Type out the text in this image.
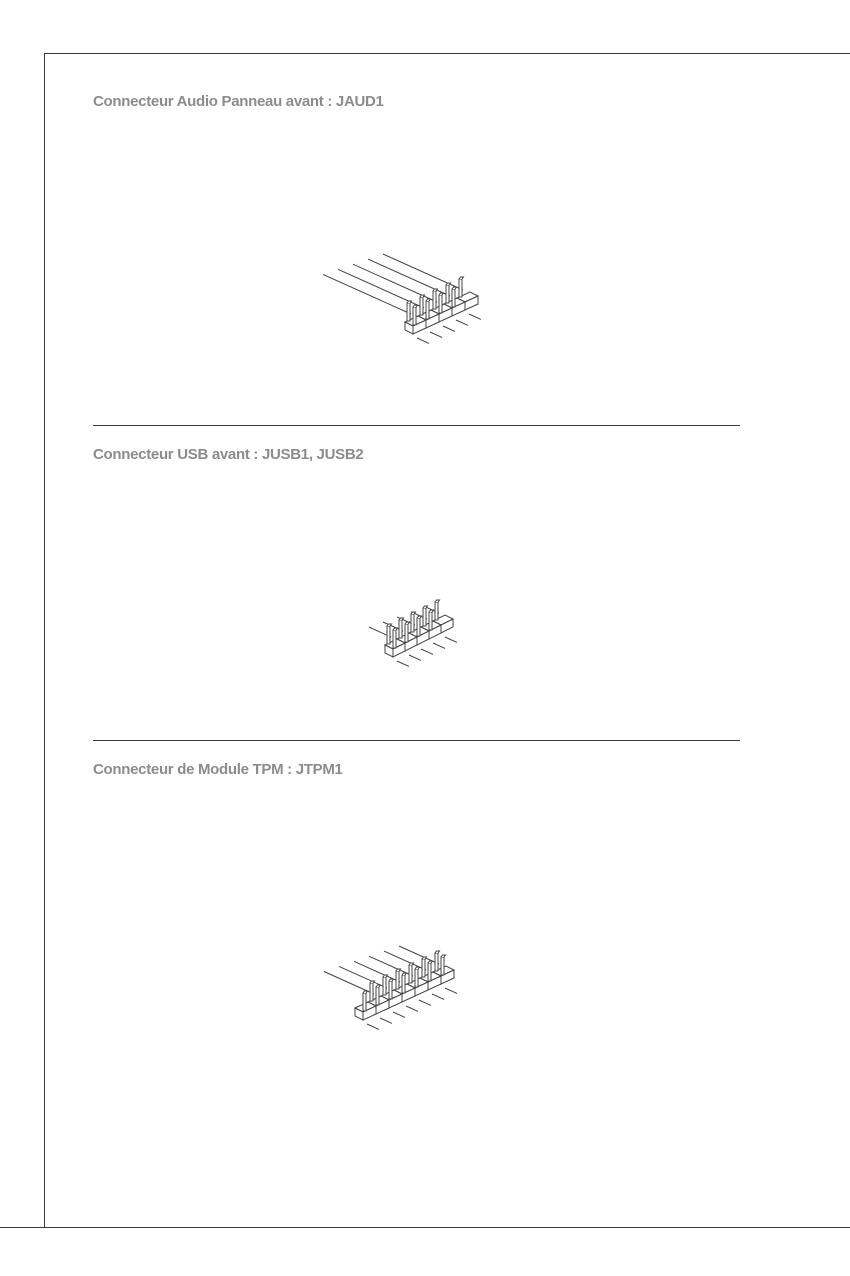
Connecteur Audio Panneau avant : JAUD1
Connecteur USB avant : JUSB1, JUSB2
Connecteur de Module TPM : JTPM1
